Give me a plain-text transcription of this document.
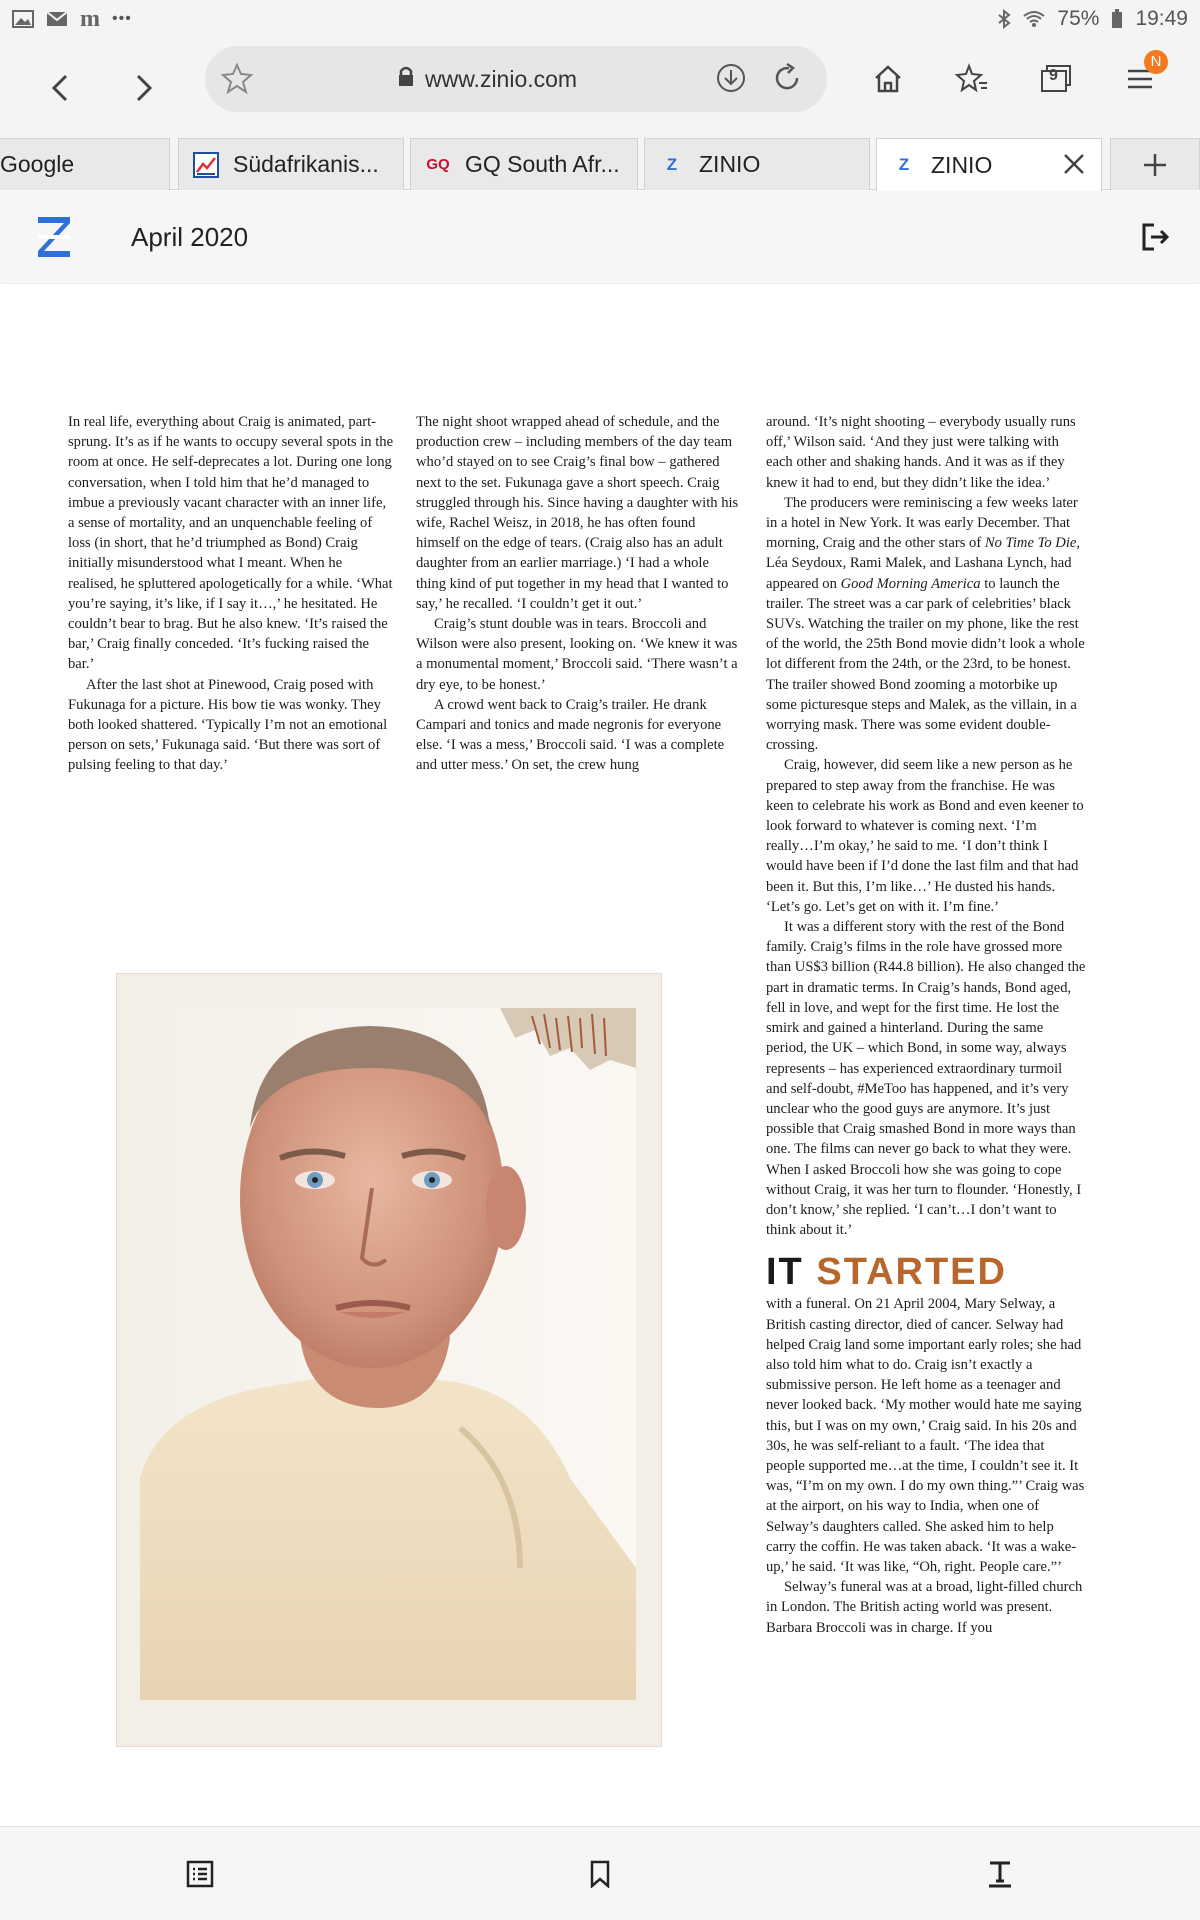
m •••	75% 19:49
www.zinio.com	9
N
Google	Südafrikanis...	GQ GQ South Afr...	Z ZINIO	Z ZINIO
April 2020

In real life, everything about Craig is animated, part-sprung. It’s as if he wants to occupy several spots in the room at once. He self-deprecates a lot. During one long conversation, when I told him that he’d managed to imbue a previously vacant character with an inner life, a sense of mortality, and an unquenchable feeling of loss (in short, that he’d triumphed as Bond) Craig initially misunderstood what I meant. When he realised, he spluttered apologetically for a while. ‘What you’re saying, it’s like, if I say it…,’ he hesitated. He couldn’t bear to brag. But he also knew. ‘It’s raised the bar,’ Craig finally conceded. ‘It’s fucking raised the bar.’

After the last shot at Pinewood, Craig posed with Fukunaga for a picture. His bow tie was wonky. They both looked shattered. ‘Typically I’m not an emotional person on sets,’ Fukunaga said. ‘But there was sort of pulsing feeling to that day.’

The night shoot wrapped ahead of schedule, and the production crew – including members of the day team who’d stayed on to see Craig’s final bow – gathered next to the set. Fukunaga gave a short speech. Craig struggled through his. Since having a daughter with his wife, Rachel Weisz, in 2018, he has often found himself on the edge of tears. (Craig also has an adult daughter from an earlier marriage.) ‘I had a whole thing kind of put together in my head that I wanted to say,’ he recalled. ‘I couldn’t get it out.’

Craig’s stunt double was in tears. Broccoli and Wilson were also present, looking on. ‘We knew it was a monumental moment,’ Broccoli said. ‘There wasn’t a dry eye, to be honest.’

A crowd went back to Craig’s trailer. He drank Campari and tonics and made negronis for everyone else. ‘I was a mess,’ Broccoli said. ‘I was a complete and utter mess.’ On set, the crew hung

around. ‘It’s night shooting – everybody usually runs off,’ Wilson said. ‘And they just were talking with each other and shaking hands. And it was as if they knew it had to end, but they didn’t like the idea.’

The producers were reminiscing a few weeks later in a hotel in New York. It was early December. That morning, Craig and the other stars of No Time To Die, Léa Seydoux, Rami Malek, and Lashana Lynch, had appeared on Good Morning America to launch the trailer. The street was a car park of celebrities’ black SUVs. Watching the trailer on my phone, like the rest of the world, the 25th Bond movie didn’t look a whole lot different from the 24th, or the 23rd, to be honest. The trailer showed Bond zooming a motorbike up some picturesque steps and Malek, as the villain, in a worrying mask. There was some evident double-crossing.

Craig, however, did seem like a new person as he prepared to step away from the franchise. He was keen to celebrate his work as Bond and even keener to look forward to whatever is coming next. ‘I’m really…I’m okay,’ he said to me. ‘I don’t think I would have been if I’d done the last film and that had been it. But this, I’m like…’ He dusted his hands. ‘Let’s go. Let’s get on with it. I’m fine.’

It was a different story with the rest of the Bond family. Craig’s films in the role have grossed more than US$3 billion (R44.8 billion). He also changed the part in dramatic terms. In Craig’s hands, Bond aged, fell in love, and wept for the first time. He lost the smirk and gained a hinterland. During the same period, the UK – which Bond, in some way, always represents – has experienced extraordinary turmoil and self-doubt, #MeToo has happened, and it’s very unclear who the good guys are anymore. It’s just possible that Craig smashed Bond in more ways than one. The films can never go back to what they were. When I asked Broccoli how she was going to cope without Craig, it was her turn to flounder. ‘Honestly, I don’t know,’ she replied. ‘I can’t…I don’t want to think about it.’

IT STARTED

with a funeral. On 21 April 2004, Mary Selway, a British casting director, died of cancer. Selway had helped Craig land some important early roles; she had also told him what to do. Craig isn’t exactly a submissive person. He left home as a teenager and never looked back. ‘My mother would hate me saying this, but I was on my own,’ Craig said. In his 20s and 30s, he was self-reliant to a fault. ‘The idea that people supported me…at the time, I couldn’t see it. It was, “I’m on my own. I do my own thing.”’ Craig was at the airport, on his way to India, when one of Selway’s daughters called. She asked him to help carry the coffin. He was taken aback. ‘It was a wake-up,’ he said. ‘It was like, “Oh, right. People care.”’

Selway’s funeral was at a broad, light-filled church in London. The British acting world was present. Barbara Broccoli was in charge. If you
